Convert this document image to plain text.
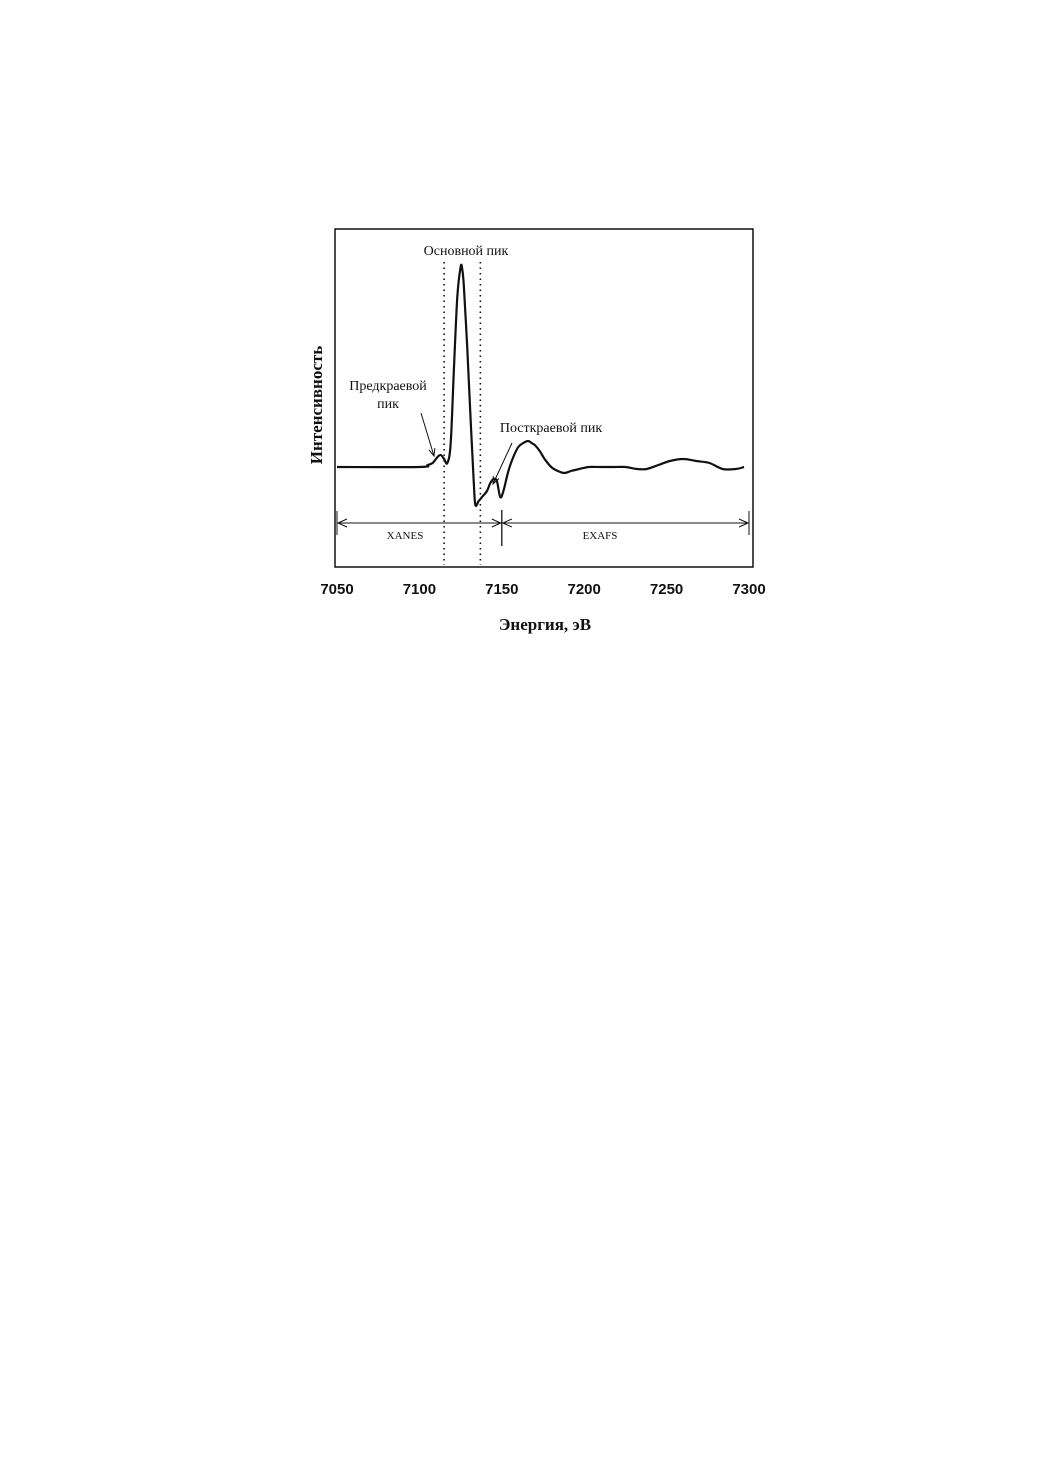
7050	7100	7150	7200	7250	7300
Энергия, эВ
Интенсивность
Основной пик
Предкраевой
пик
Посткраевой пик
XANES	EXAFS
